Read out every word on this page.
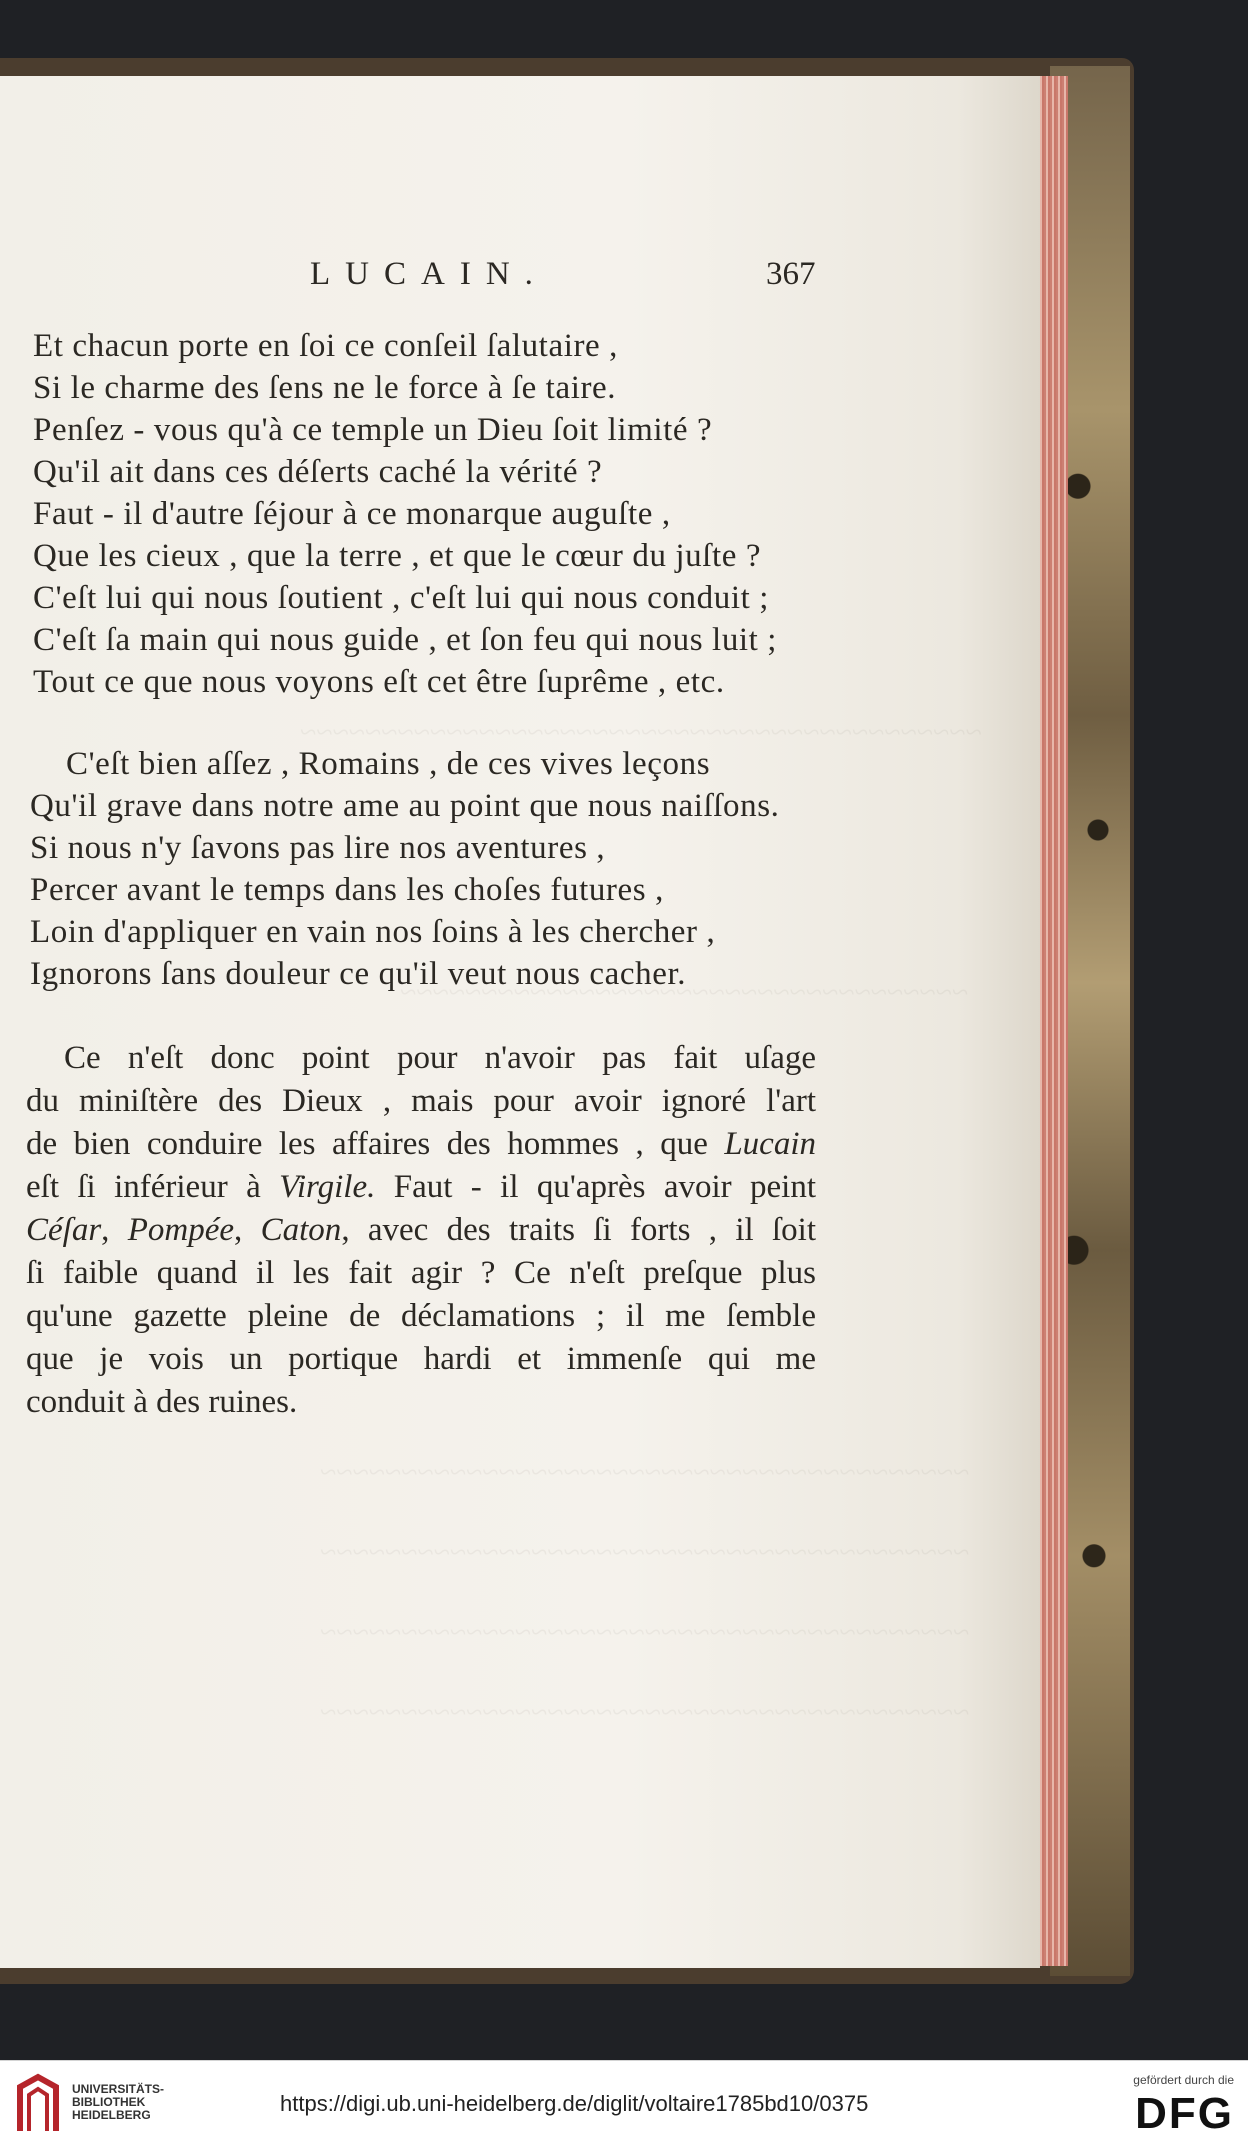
~~~~~~~~~~~~~~~~~~~~~~~~~~~~~~~~~~~~~~~~~~
~~~~~~~~~~~~~~~~~~~~~~~~~~~~~~~~~~~
~~~~~~~~~~~~~~~~~~~~~~~~~~~~~~~~~~~~~~~~
~~~~~~~~~~~~~~~~~~~~~~~~~~~~~~~~~~~~~~~~
~~~~~~~~~~~~~~~~~~~~~~~~~~~~~~~~~~~~~~~~
~~~~~~~~~~~~~~~~~~~~~~~~~~~~~~~~~~~~~~~~
LUCAIN.	367
Et chacun porte en ſoi ce conſeil ſalutaire ,
Si le charme des ſens ne le force à ſe taire.
Penſez - vous qu'à ce temple un Dieu ſoit limité ?
Qu'il ait dans ces déſerts caché la vérité ?
Faut - il d'autre ſéjour à ce monarque auguſte ,
Que les cieux , que la terre , et que le cœur du juſte ?
C'eſt lui qui nous ſoutient , c'eſt lui qui nous conduit ;
C'eſt ſa main qui nous guide , et ſon feu qui nous luit ;
Tout ce que nous voyons eſt cet être ſuprême , etc.
C'eſt bien aſſez , Romains , de ces vives leçons
Qu'il grave dans notre ame au point que nous naiſſons.
Si nous n'y ſavons pas lire nos aventures ,
Percer avant le temps dans les choſes futures ,
Loin d'appliquer en vain nos ſoins à les chercher ,
Ignorons ſans douleur ce qu'il veut nous cacher.
Ce n'eſt donc point pour n'avoir pas fait uſage
du miniſtère des Dieux , mais pour avoir ignoré l'art
de bien conduire les affaires des hommes , que Lucain
eſt ſi inférieur à Virgile. Faut - il qu'après avoir peint
Céſar, Pompée, Caton, avec des traits ſi forts , il ſoit
ſi faible quand il les fait agir ? Ce n'eſt preſque plus
qu'une gazette pleine de déclamations ; il me ſemble
que je vois un portique hardi et immenſe qui me
conduit à des ruines.
UNIVERSITÄTS-
BIBLIOTHEK
HEIDELBERG	https://digi.ub.uni-heidelberg.de/diglit/voltaire1785bd10/0375
gefördert durch die
DFG
